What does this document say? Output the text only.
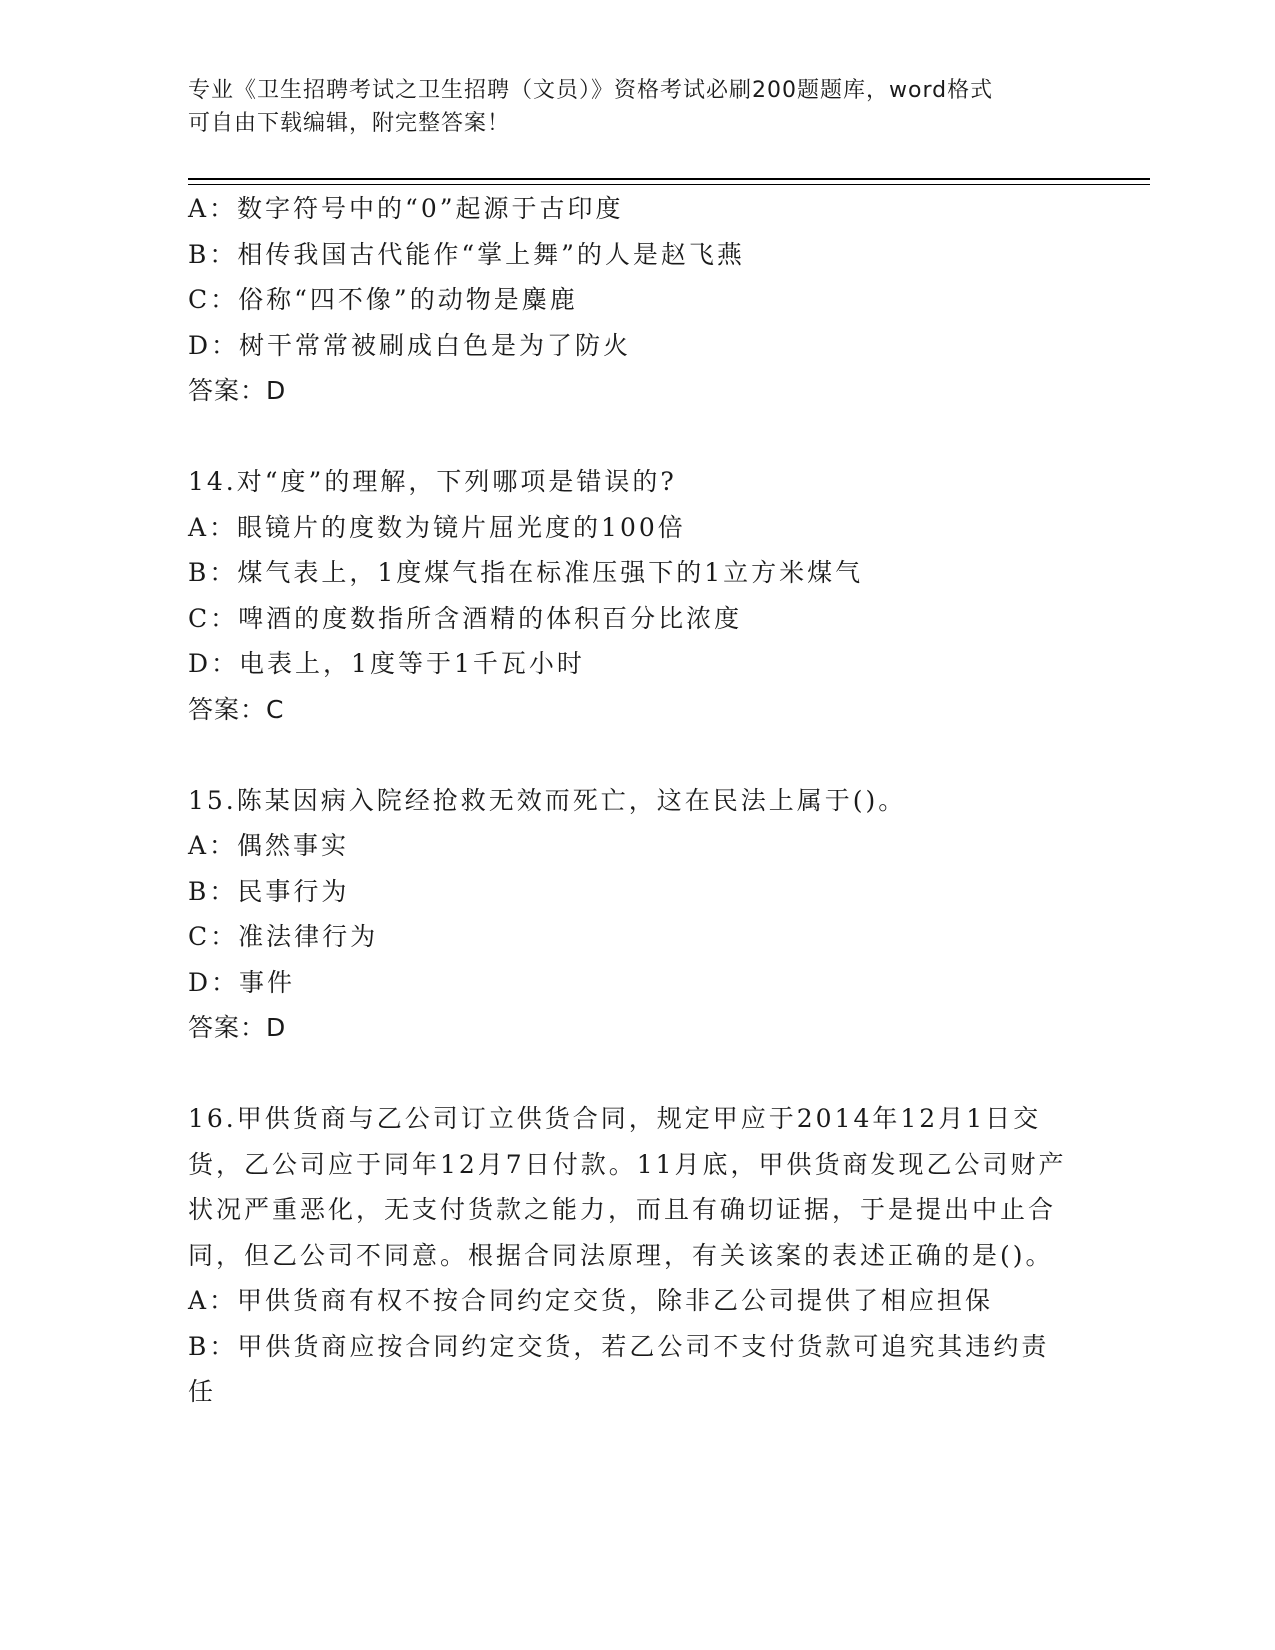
专业《卫生招聘考试之卫生招聘（文员）》资格考试必刷200题题库，word格式
可自由下载编辑，附完整答案！
A：数字符号中的“0”起源于古印度
B：相传我国古代能作“掌上舞”的人是赵飞燕
C：俗称“四不像”的动物是麋鹿
D：树干常常被刷成白色是为了防火
答案：D
14.对“度”的理解，下列哪项是错误的?
A：眼镜片的度数为镜片屈光度的100倍
B：煤气表上，1度煤气指在标准压强下的1立方米煤气
C：啤酒的度数指所含酒精的体积百分比浓度
D：电表上，1度等于1千瓦小时
答案：C
15.陈某因病入院经抢救无效而死亡，这在民法上属于()。
A：偶然事实
B：民事行为
C：准法律行为
D：事件
答案：D
16.甲供货商与乙公司订立供货合同，规定甲应于2014年12月1日交货，乙公司应于同年12月7日付款。11月底，甲供货商发现乙公司财产状况严重恶化，无支付货款之能力，而且有确切证据，于是提出中止合同，但乙公司不同意。根据合同法原理，有关该案的表述正确的是()。
A：甲供货商有权不按合同约定交货，除非乙公司提供了相应担保
B：甲供货商应按合同约定交货，若乙公司不支付货款可追究其违约责任
